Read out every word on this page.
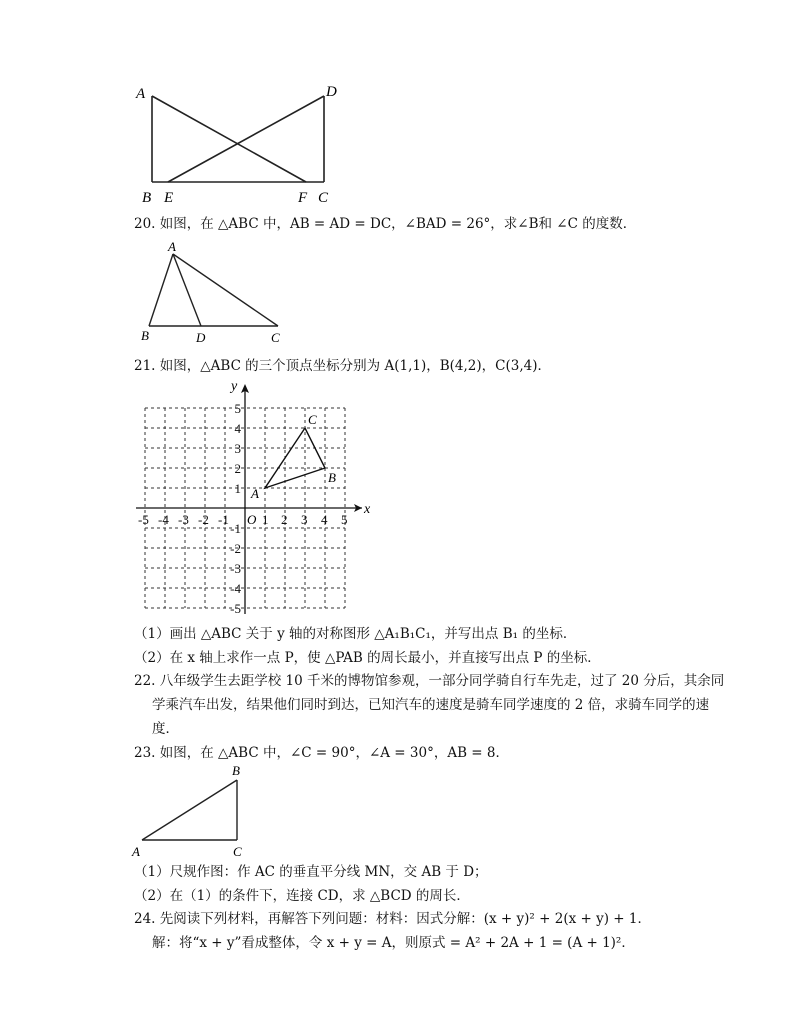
A	D
B E	F C
20. 如图，在 △ABC 中，AB = AD = DC，∠BAD = 26°，求∠B和 ∠C 的度数．
A
B	D	C
21. 如图，△ABC 的三个顶点坐标分别为 A(1,1)，B(4,2)，C(3,4)．
x
y
O
-5 -4 -3 -2 -1	1 2 3 4 5
5
4
3
2
1
-1
-2
-3
-4
-5
A
B
C
（1）画出 △ABC 关于 y 轴的对称图形 △A₁B₁C₁，并写出点 B₁ 的坐标．
（2）在 x 轴上求作一点 P，使 △PAB 的周长最小，并直接写出点 P 的坐标．
22. 八年级学生去距学校 10 千米的博物馆参观，一部分同学骑自行车先走，过了 20 分后，其余同
学乘汽车出发，结果他们同时到达，已知汽车的速度是骑车同学速度的 2 倍，求骑车同学的速
度．
23. 如图，在 △ABC 中，∠C = 90°，∠A = 30°，AB = 8．
B
A	C
（1）尺规作图：作 AC 的垂直平分线 MN，交 AB 于 D；
（2）在（1）的条件下，连接 CD，求 △BCD 的周长．
24. 先阅读下列材料，再解答下列问题：材料：因式分解：(x + y)² + 2(x + y) + 1．
解：将“x + y”看成整体，令 x + y = A，则原式 = A² + 2A + 1 = (A + 1)²．
